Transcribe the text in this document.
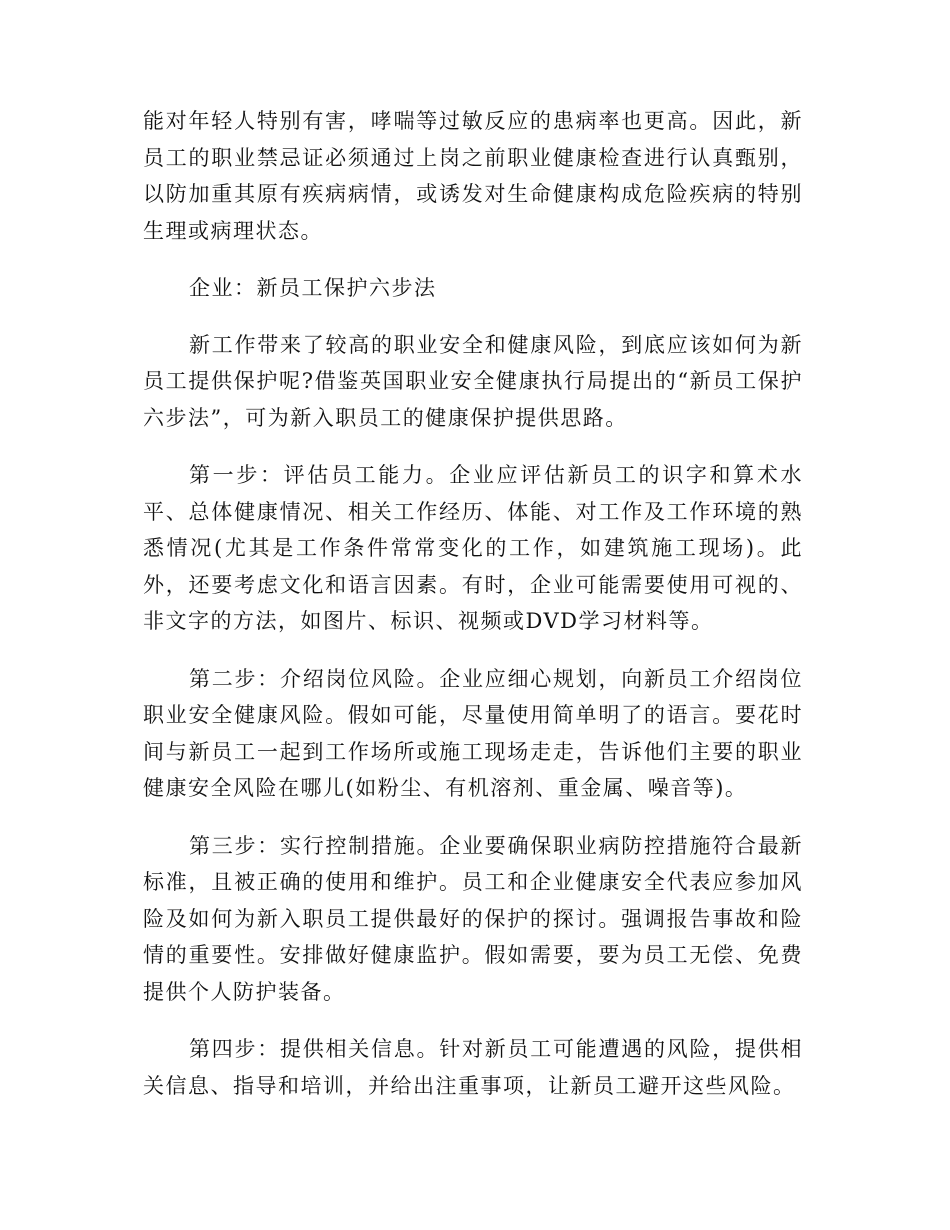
能对年轻人特别有害，哮喘等过敏反应的患病率也更高。因此，新员工的职业禁忌证必须通过上岗之前职业健康检查进行认真甄别，以防加重其原有疾病病情，或诱发对生命健康构成危险疾病的特别生理或病理状态。

企业：新员工保护六步法

新工作带来了较高的职业安全和健康风险，到底应该如何为新员工提供保护呢?借鉴英国职业安全健康执行局提出的“新员工保护六步法”，可为新入职员工的健康保护提供思路。

第一步：评估员工能力。企业应评估新员工的识字和算术水平、总体健康情况、相关工作经历、体能、对工作及工作环境的熟悉情况(尤其是工作条件常常变化的工作，如建筑施工现场)。此外，还要考虑文化和语言因素。有时，企业可能需要使用可视的、非文字的方法，如图片、标识、视频或DVD学习材料等。

第二步：介绍岗位风险。企业应细心规划，向新员工介绍岗位职业安全健康风险。假如可能，尽量使用简单明了的语言。要花时间与新员工一起到工作场所或施工现场走走，告诉他们主要的职业健康安全风险在哪儿(如粉尘、有机溶剂、重金属、噪音等)。

第三步：实行控制措施。企业要确保职业病防控措施符合最新标准，且被正确的使用和维护。员工和企业健康安全代表应参加风险及如何为新入职员工提供最好的保护的探讨。强调报告事故和险情的重要性。安排做好健康监护。假如需要，要为员工无偿、免费提供个人防护装备。

第四步：提供相关信息。针对新员工可能遭遇的风险，提供相关信息、指导和培训，并给出注重事项，让新员工避开这些风险。
